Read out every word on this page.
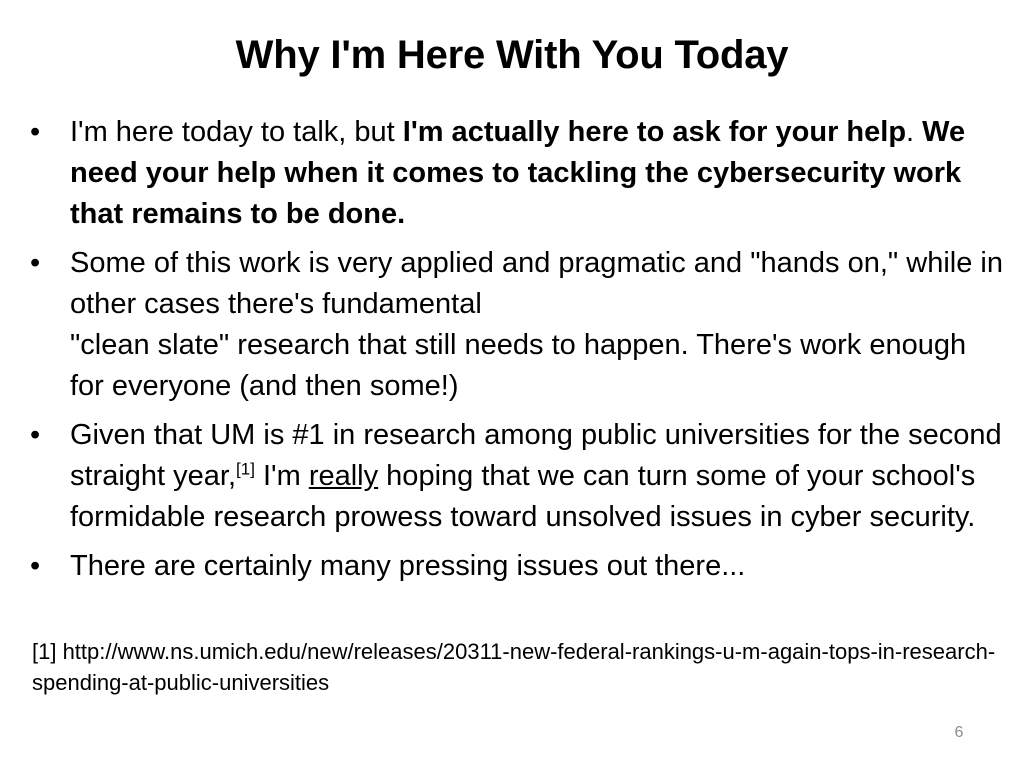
Why I'm Here With You Today
•	I'm here today to talk, but I'm actually here to ask for your help. We need your help when it comes to tackling the cybersecurity work that remains to be done.
•	Some of this work is very applied and pragmatic and "hands on," while in other cases there's fundamental
"clean slate" research that still needs to happen. There's work enough for everyone (and then some!)
•	Given that UM is #1 in research among public universities for the second straight year,[1] I'm really hoping that we can turn some of your school's formidable research prowess toward unsolved issues in cyber security.
•	There are certainly many pressing issues out there...
[1] http://www.ns.umich.edu/new/releases/20311-new-federal-rankings-u-m-again-tops-in-research-spending-at-public-universities
6
